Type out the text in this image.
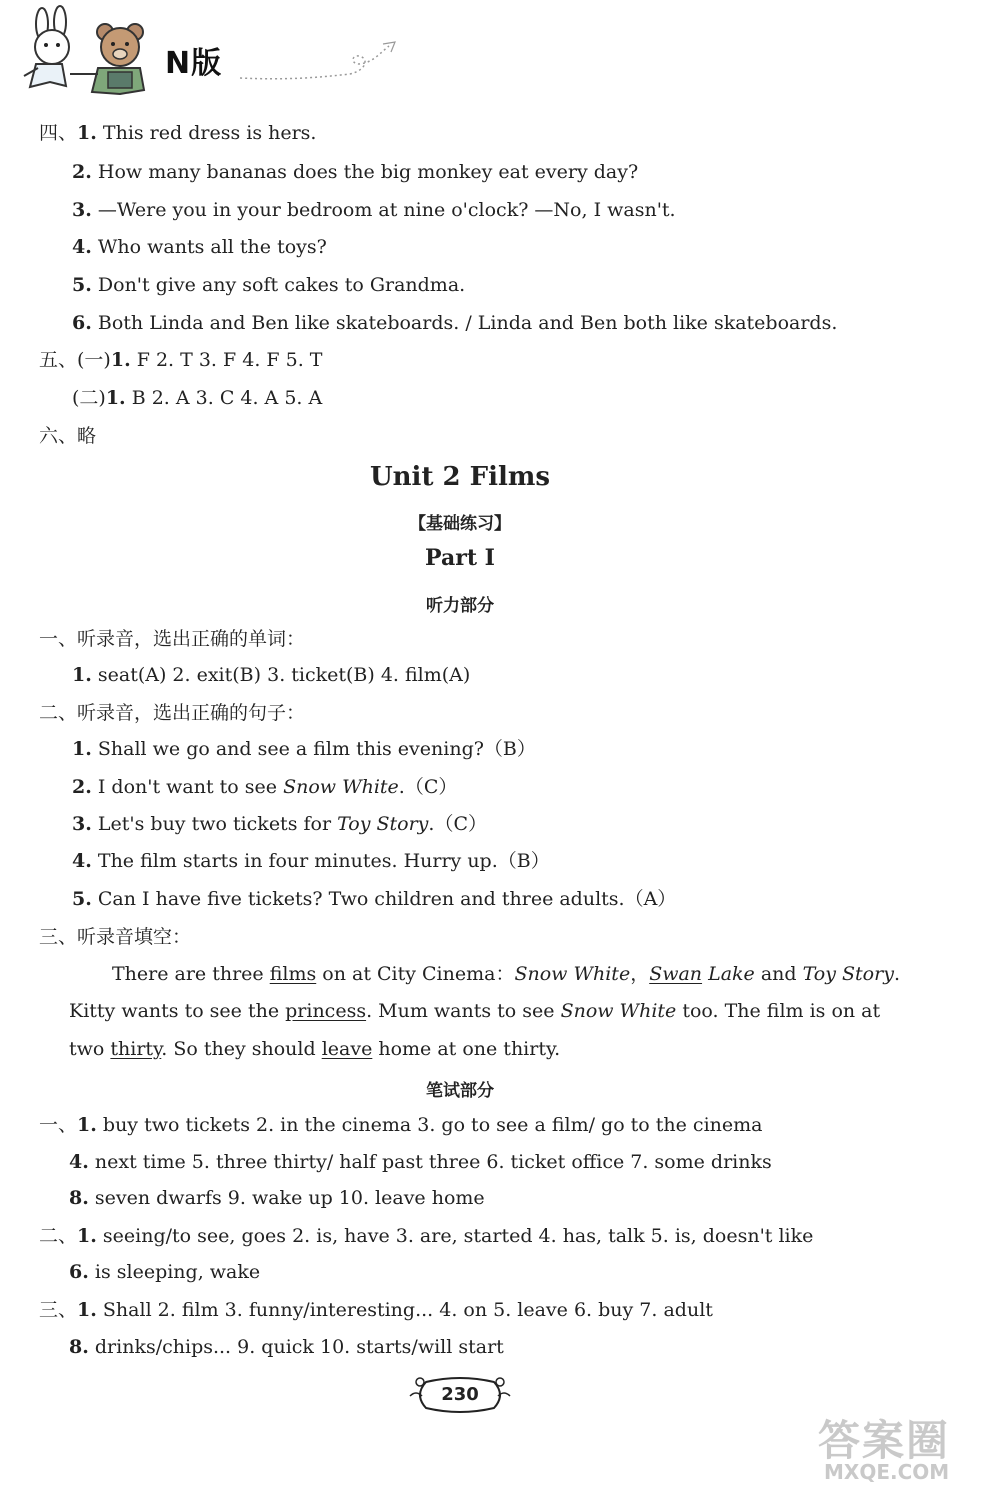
N版
四、1. This red dress is hers.
2. How many bananas does the big monkey eat every day?
3. —Were you in your bedroom at nine o'clock? —No, I wasn't.
4. Who wants all the toys?
5. Don't give any soft cakes to Grandma.
6. Both Linda and Ben like skateboards. / Linda and Ben both like skateboards.
五、(一)1. F 2. T 3. F 4. F 5. T
(二)1. B 2. A 3. C 4. A 5. A
六、略
Unit 2 Films
【基础练习】
Part Ⅰ
听力部分
一、听录音，选出正确的单词：
1. seat(A) 2. exit(B) 3. ticket(B) 4. film(A)
二、听录音，选出正确的句子：
1. Shall we go and see a film this evening?（B）
2. I don't want to see Snow White.（C）
3. Let's buy two tickets for Toy Story.（C）
4. The film starts in four minutes. Hurry up.（B）
5. Can I have five tickets? Two children and three adults.（A）
三、听录音填空：
There are three films on at City Cinema：Snow White，Swan Lake and Toy Story.
Kitty wants to see the princess. Mum wants to see Snow White too. The film is on at
two thirty. So they should leave home at one thirty.
笔试部分
一、1. buy two tickets 2. in the cinema 3. go to see a film/ go to the cinema
4. next time 5. three thirty/ half past three 6. ticket office 7. some drinks
8. seven dwarfs 9. wake up 10. leave home
二、1. seeing/to see, goes 2. is, have 3. are, started 4. has, talk 5. is, doesn't like
6. is sleeping, wake
三、1. Shall 2. film 3. funny/interesting... 4. on 5. leave 6. buy 7. adult
8. drinks/chips... 9. quick 10. starts/will start
230
答案圈
MXQE.COM
